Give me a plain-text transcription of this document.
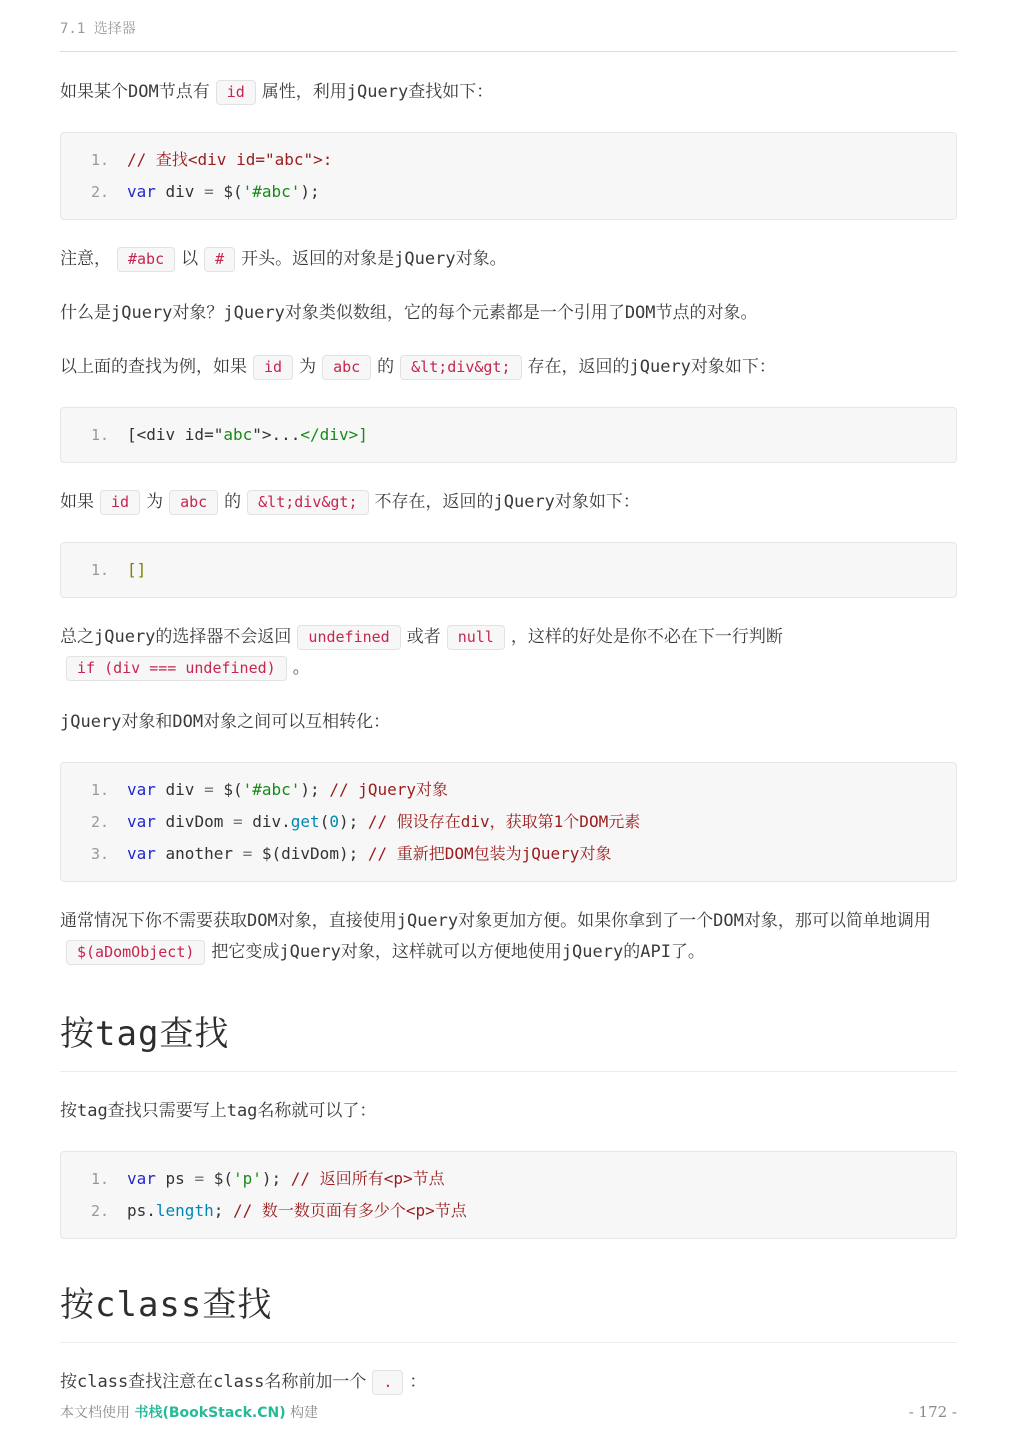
7.1 选择器

如果某个DOM节点有 id 属性，利用jQuery查找如下：

1. // 查找<div id="abc">:
2. var div = $('#abc');

注意， #abc 以 # 开头。返回的对象是jQuery对象。

什么是jQuery对象？jQuery对象类似数组，它的每个元素都是一个引用了DOM节点的对象。

以上面的查找为例，如果 id 为 abc 的 &lt;div&gt; 存在，返回的jQuery对象如下：

1. [<div id="abc">...</div>]

如果 id 为 abc 的 &lt;div&gt; 不存在，返回的jQuery对象如下：

1. []

总之jQuery的选择器不会返回 undefined 或者 null ，这样的好处是你不必在下一行判断if (div === undefined) 。

jQuery对象和DOM对象之间可以互相转化：

1. var div = $('#abc'); // jQuery对象
2. var divDom = div.get(0); // 假设存在div，获取第1个DOM元素
3. var another = $(divDom); // 重新把DOM包装为jQuery对象

通常情况下你不需要获取DOM对象，直接使用jQuery对象更加方便。如果你拿到了一个DOM对象，那可以简单地调用$(aDomObject) 把它变成jQuery对象，这样就可以方便地使用jQuery的API了。

按tag查找

按tag查找只需要写上tag名称就可以了：

1. var ps = $('p'); // 返回所有<p>节点
2. ps.length; // 数一数页面有多少个<p>节点
按class查找

按class查找注意在class名称前加一个 . ：

本文档使用 书栈(BookStack.CN) 构建	- 172 -
